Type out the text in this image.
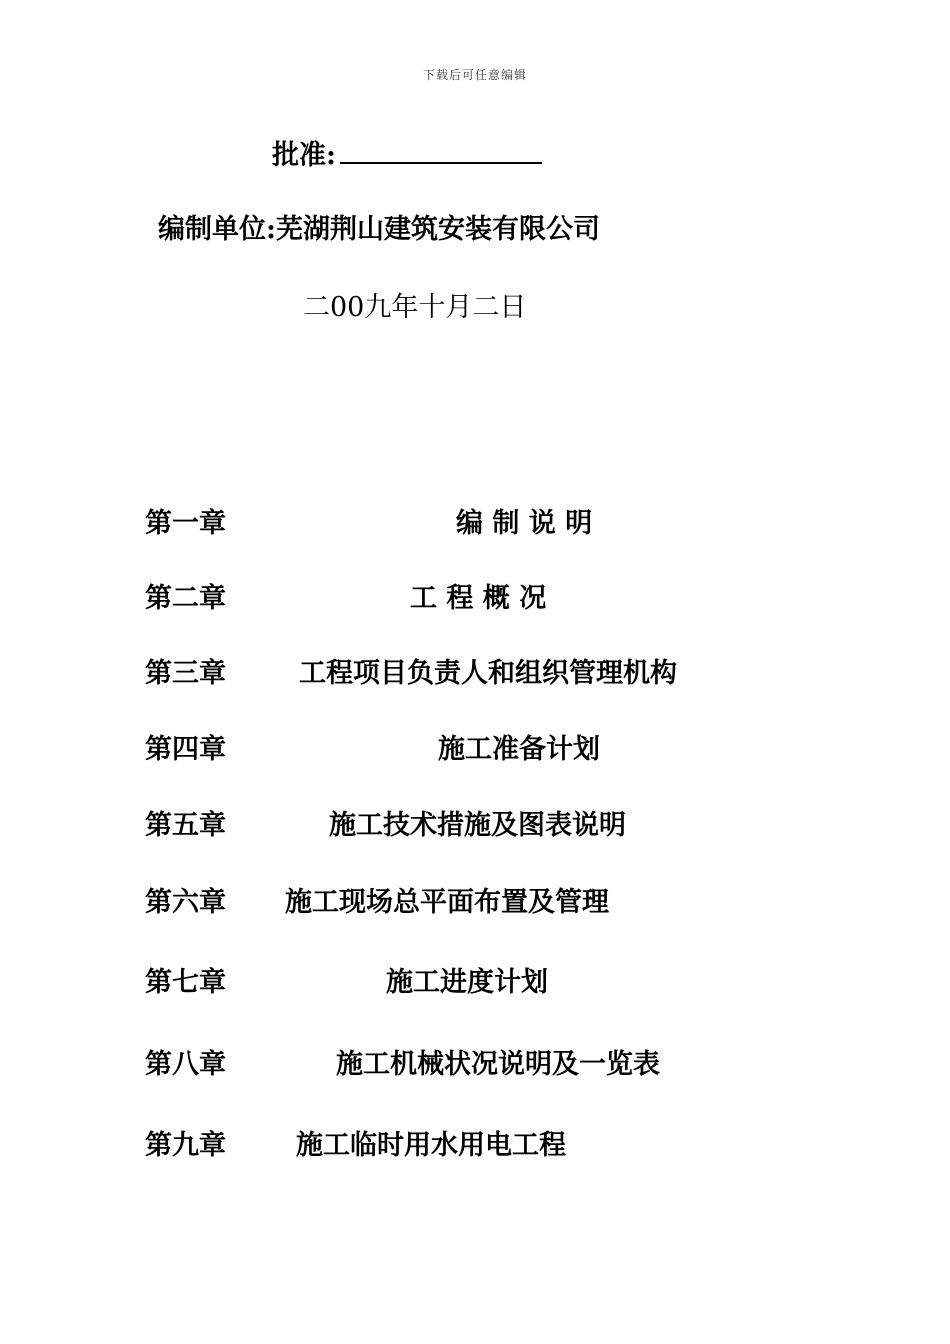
下载后可任意编辑
批准:
编制单位:芜湖荆山建筑安装有限公司
二00九年十月二日
第一章	编 制 说 明
第二章	工 程 概 况
第三章	工程项目负责人和组织管理机构
第四章	施工准备计划
第五章	施工技术措施及图表说明
第六章 施工现场总平面布置及管理
第七章	施工进度计划
第八章	施工机械状况说明及一览表
第九章	施工临时用水用电工程
